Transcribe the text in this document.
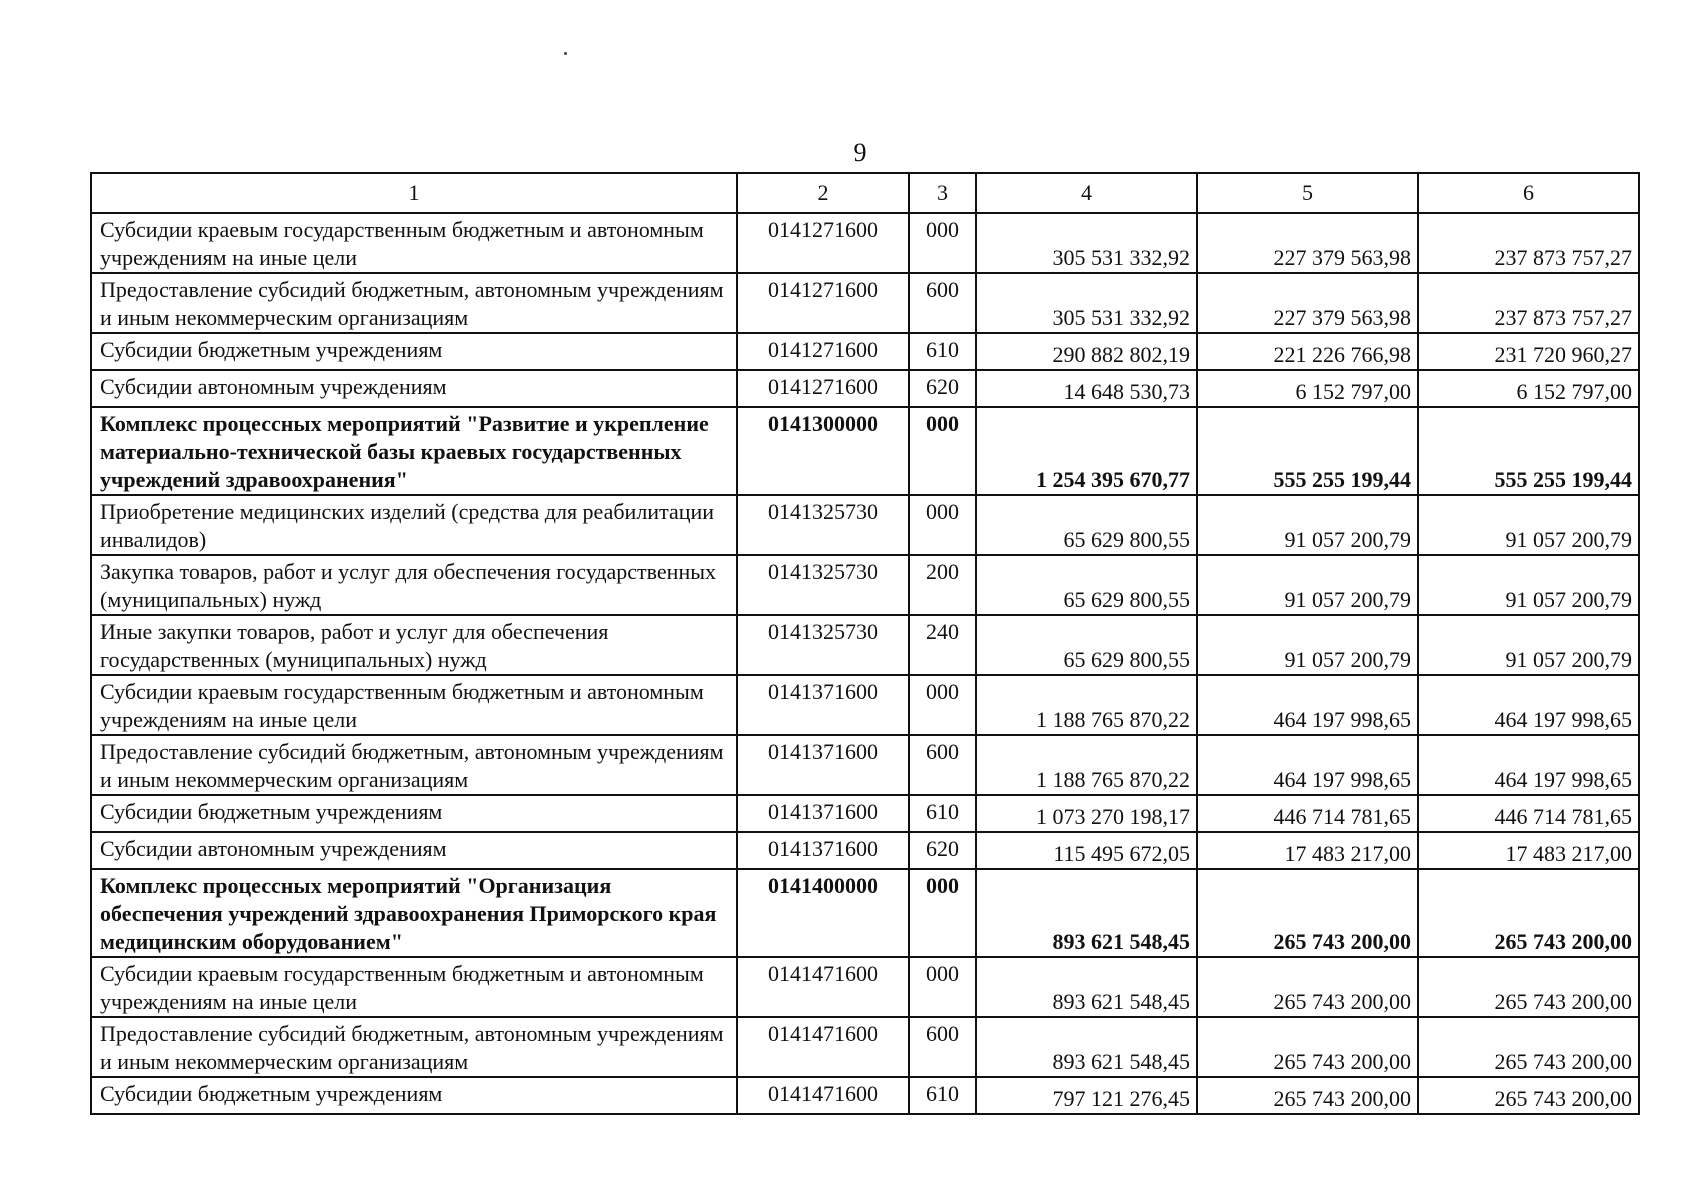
9
1	2	3	4	5	6
Субсидии краевым государственным бюджетным и автономным учреждениям на иные цели	0141271600	000	305 531 332,92	227 379 563,98	237 873 757,27
Предоставление субсидий бюджетным, автономным учреждениям и иным некоммерческим организациям	0141271600	600	305 531 332,92	227 379 563,98	237 873 757,27
Субсидии бюджетным учреждениям	0141271600	610	290 882 802,19	221 226 766,98	231 720 960,27
Субсидии автономным учреждениям	0141271600	620	14 648 530,73	6 152 797,00	6 152 797,00
Комплекс процессных мероприятий "Развитие и укрепление материально-технической базы краевых государственных учреждений здравоохранения"	0141300000	000	1 254 395 670,77	555 255 199,44	555 255 199,44
Приобретение медицинских изделий (средства для реабилитации инвалидов)	0141325730	000	65 629 800,55	91 057 200,79	91 057 200,79
Закупка товаров, работ и услуг для обеспечения государственных (муниципальных) нужд	0141325730	200	65 629 800,55	91 057 200,79	91 057 200,79
Иные закупки товаров, работ и услуг для обеспечения государственных (муниципальных) нужд	0141325730	240	65 629 800,55	91 057 200,79	91 057 200,79
Субсидии краевым государственным бюджетным и автономным учреждениям на иные цели	0141371600	000	1 188 765 870,22	464 197 998,65	464 197 998,65
Предоставление субсидий бюджетным, автономным учреждениям и иным некоммерческим организациям	0141371600	600	1 188 765 870,22	464 197 998,65	464 197 998,65
Субсидии бюджетным учреждениям	0141371600	610	1 073 270 198,17	446 714 781,65	446 714 781,65
Субсидии автономным учреждениям	0141371600	620	115 495 672,05	17 483 217,00	17 483 217,00
Комплекс процессных мероприятий "Организация обеспечения учреждений здравоохранения Приморского края медицинским оборудованием"	0141400000	000	893 621 548,45	265 743 200,00	265 743 200,00
Субсидии краевым государственным бюджетным и автономным учреждениям на иные цели	0141471600	000	893 621 548,45	265 743 200,00	265 743 200,00
Предоставление субсидий бюджетным, автономным учреждениям и иным некоммерческим организациям	0141471600	600	893 621 548,45	265 743 200,00	265 743 200,00
Субсидии бюджетным учреждениям	0141471600	610	797 121 276,45	265 743 200,00	265 743 200,00
